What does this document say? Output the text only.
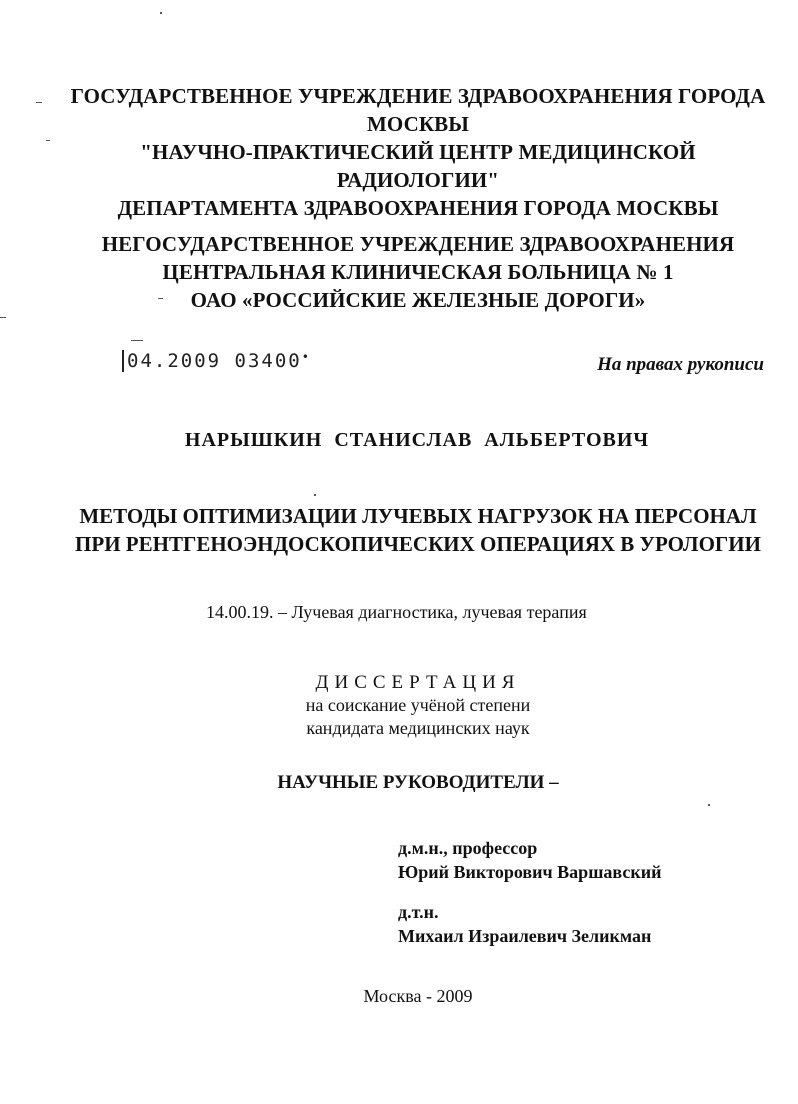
ГОСУДАРСТВЕННОЕ УЧРЕЖДЕНИЕ ЗДРАВООХРАНЕНИЯ ГОРОДА
МОСКВЫ
"НАУЧНО-ПРАКТИЧЕСКИЙ ЦЕНТР МЕДИЦИНСКОЙ
РАДИОЛОГИИ"
ДЕПАРТАМЕНТА ЗДРАВООХРАНЕНИЯ ГОРОДА МОСКВЫ
НЕГОСУДАРСТВЕННОЕ УЧРЕЖДЕНИЕ ЗДРАВООХРАНЕНИЯ
ЦЕНТРАЛЬНАЯ КЛИНИЧЕСКАЯ БОЛЬНИЦА № 1
ОАО «РОССИЙСКИЕ ЖЕЛЕЗНЫЕ ДОРОГИ»
04.2009 03400•	На правах рукописи
НАРЫШКИН СТАНИСЛАВ АЛЬБЕРТОВИЧ
МЕТОДЫ ОПТИМИЗАЦИИ ЛУЧЕВЫХ НАГРУЗОК НА ПЕРСОНАЛ
ПРИ РЕНТГЕНОЭНДОСКОПИЧЕСКИХ ОПЕРАЦИЯХ В УРОЛОГИИ
14.00.19. – Лучевая диагностика, лучевая терапия
ДИССЕРТАЦИЯ
на соискание учёной степени
кандидата медицинских наук
НАУЧНЫЕ РУКОВОДИТЕЛИ –
д.м.н., профессор
Юрий Викторович Варшавский
д.т.н.
Михаил Израилевич Зеликман
Москва - 2009
